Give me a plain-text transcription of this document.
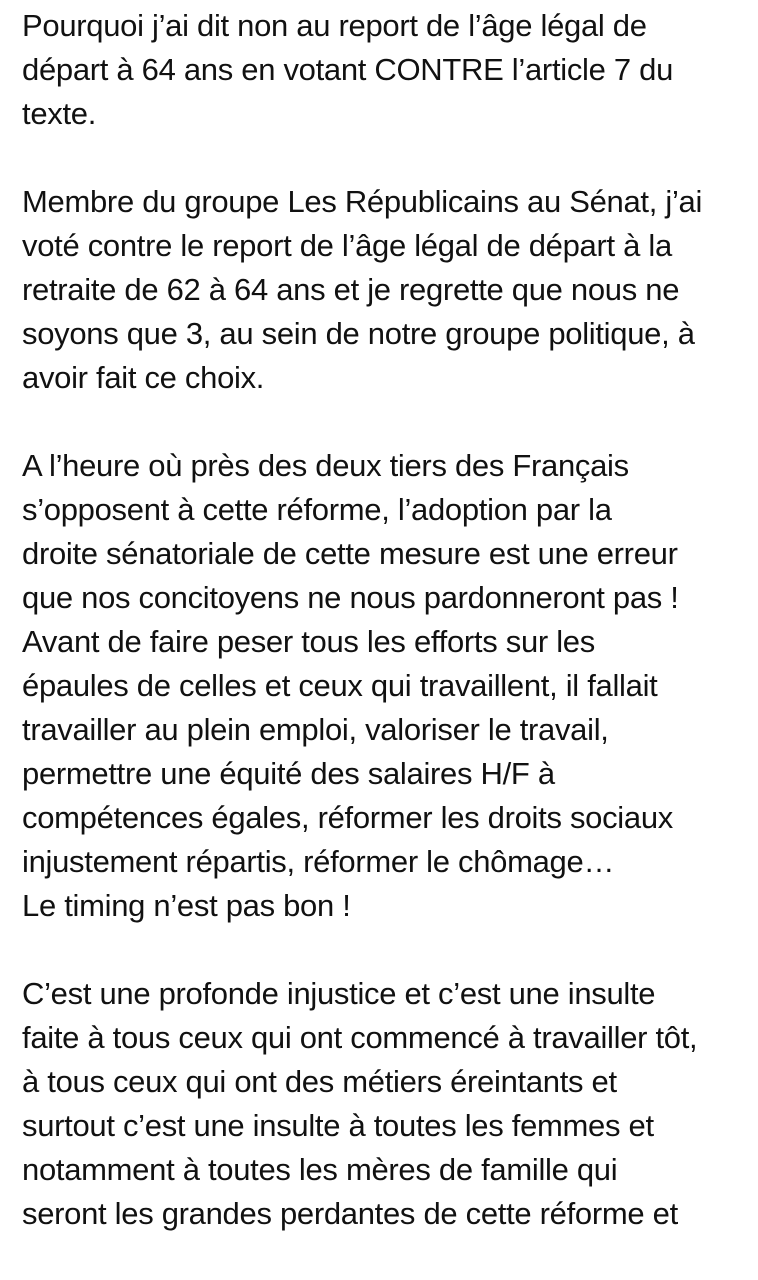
Pourquoi j’ai dit non au report de l’âge légal de
départ à 64 ans en votant CONTRE l’article 7 du
texte.

Membre du groupe Les Républicains au Sénat, j’ai
voté contre le report de l’âge légal de départ à la
retraite de 62 à 64 ans et je regrette que nous ne
soyons que 3, au sein de notre groupe politique, à
avoir fait ce choix.

A l’heure où près des deux tiers des Français
s’opposent à cette réforme, l’adoption par la
droite sénatoriale de cette mesure est une erreur
que nos concitoyens ne nous pardonneront pas !
Avant de faire peser tous les efforts sur les
épaules de celles et ceux qui travaillent, il fallait
travailler au plein emploi, valoriser le travail,
permettre une équité des salaires H/F à
compétences égales, réformer les droits sociaux
injustement répartis, réformer le chômage…
Le timing n’est pas bon !

C’est une profonde injustice et c’est une insulte
faite à tous ceux qui ont commencé à travailler tôt,
à tous ceux qui ont des métiers éreintants et
surtout c’est une insulte à toutes les femmes et
notamment à toutes les mères de famille qui
seront les grandes perdantes de cette réforme et
